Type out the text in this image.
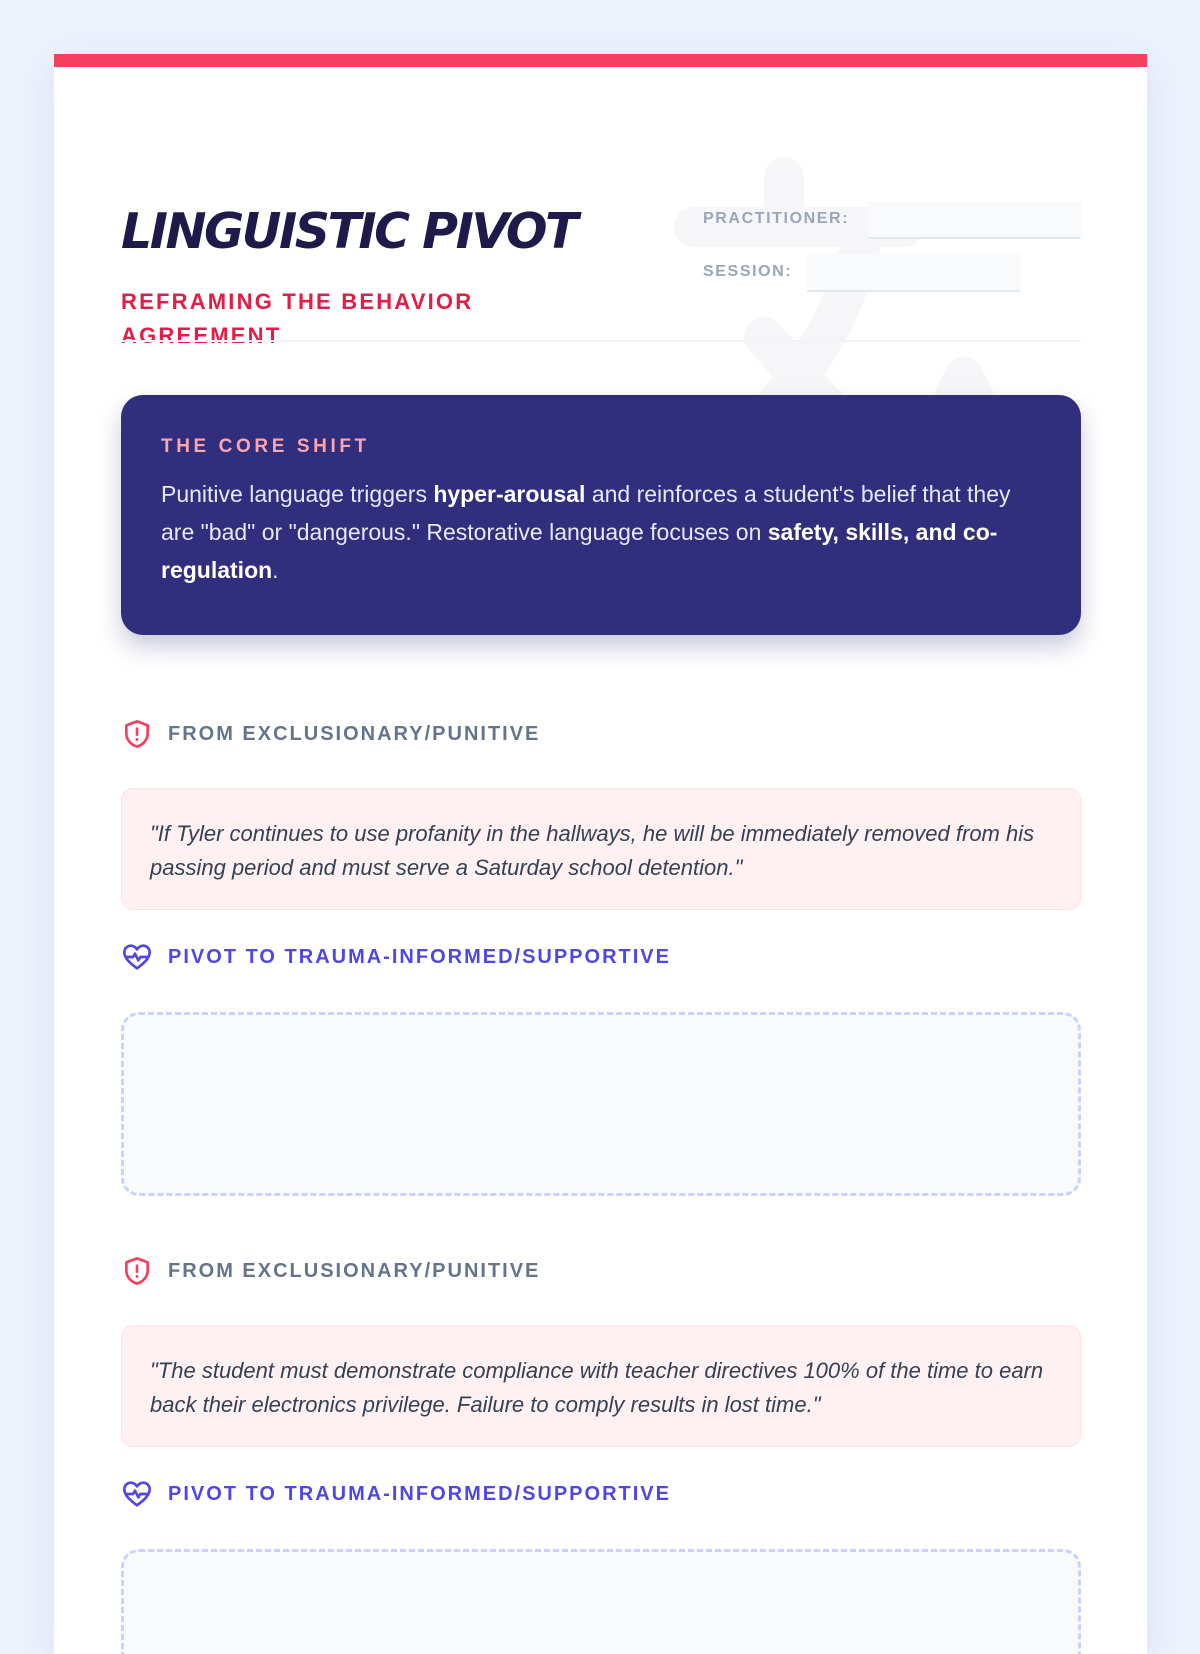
LINGUISTIC PIVOT

REFRAMING THE BEHAVIOR AGREEMENT

PRACTITIONER:
SESSION:

THE CORE SHIFT

Punitive language triggers hyper-arousal and reinforces a student's belief that they are "bad" or "dangerous." Restorative language focuses on safety, skills, and co-regulation.

FROM EXCLUSIONARY/PUNITIVE

"If Tyler continues to use profanity in the hallways, he will be immediately removed from his passing period and must serve a Saturday school detention."

PIVOT TO TRAUMA-INFORMED/SUPPORTIVE
FROM EXCLUSIONARY/PUNITIVE

"The student must demonstrate compliance with teacher directives 100% of the time to earn back their electronics privilege. Failure to comply results in lost time."

PIVOT TO TRAUMA-INFORMED/SUPPORTIVE
